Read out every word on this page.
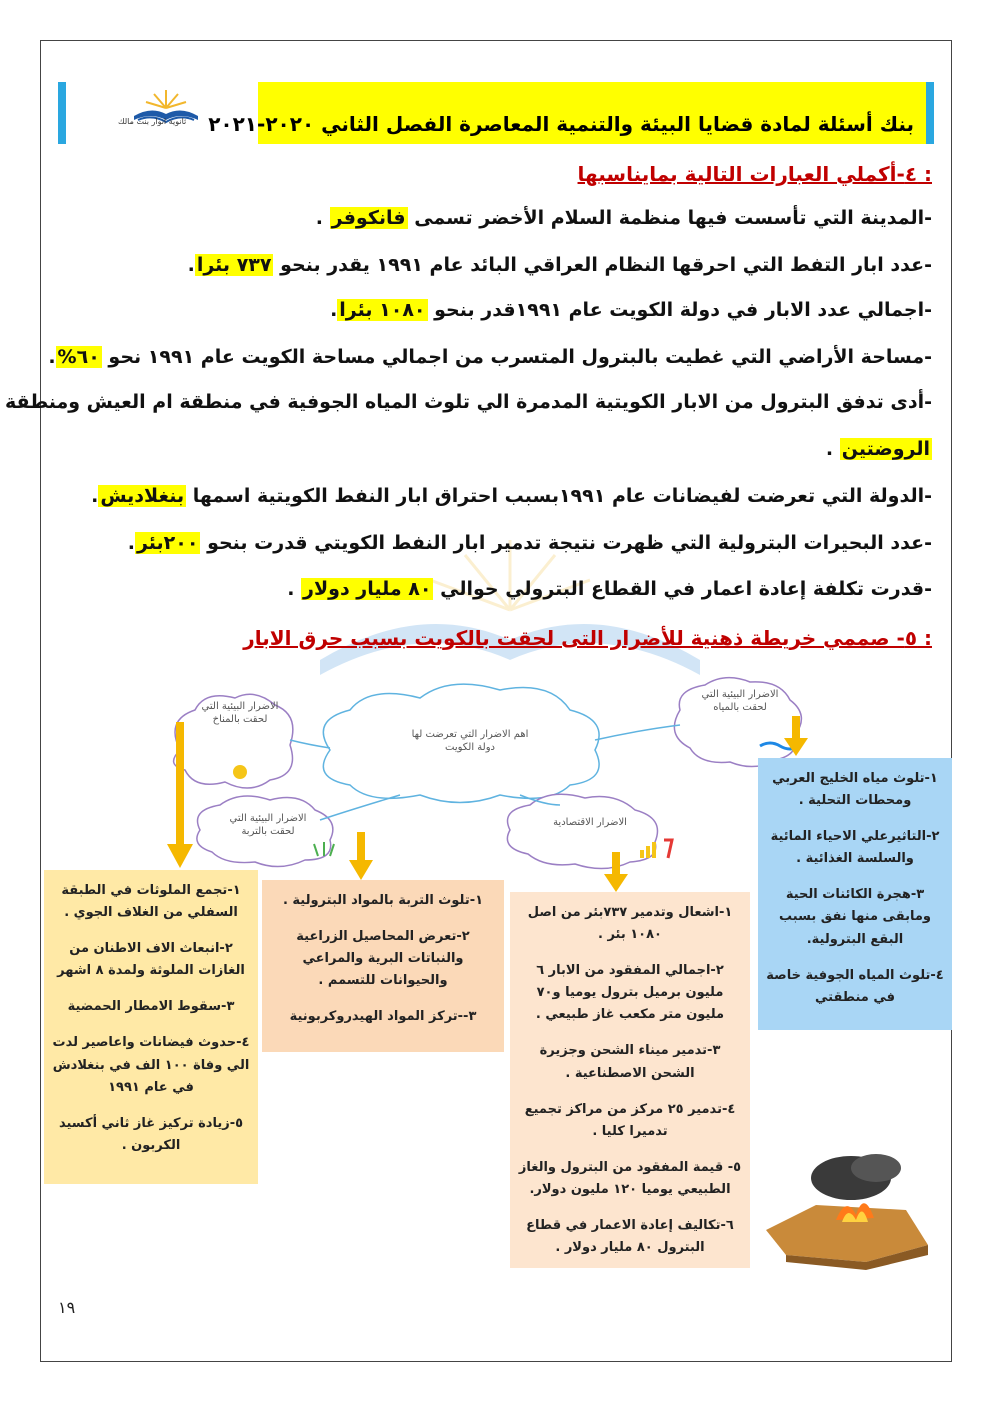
ثانوية انوار بنت مالك بنك أسئلة لمادة قضايا البيئة والتنمية المعاصرة الفصل الثاني ٢٠٢٠-٢٠٢١
٤-أكملي العبارات التالية بمايناسبها :
-المدينة التي تأسست فيها منظمة السلام الأخضر تسمى فانكوفر .
-عدد ابار التفط التي احرقها النظام العراقي البائد عام ١٩٩١ يقدر بنحو ٧٣٧ بئرا.
-اجمالي عدد الابار في دولة الكويت عام ١٩٩١قدر بنحو ١٠٨٠ بئرا.
-مساحة الأراضي التي غطيت بالبترول المتسرب من اجمالي مساحة الكويت عام ١٩٩١ نحو ٦٠%.
-أدى تدفق البترول من الابار الكويتية المدمرة الي تلوث المياه الجوفية في منطقة ام العيش ومنطقة
الروضتين .
-الدولة التي تعرضت لفيضانات عام ١٩٩١بسبب احتراق ابار النفط الكويتية اسمها بنغلاديش.
-عدد البحيرات البترولية التي ظهرت نتيجة تدمير ابار النفط الكويتي قدرت بنحو ٢٠٠بئر.
-قدرت تكلفة إعادة اعمار في القطاع البترولي حوالي ٨٠ مليار دولار .
٥- صممي خريطة ذهنية للأضرار التى لحقت بالكويت بسبب حرق الابار :
الاضرار البيئية التي لحقت بالمناخ
اهم الاضرار التي تعرضت لها دولة الكويت
الاضرار البيئية التي لحقت بالمياه
الاضرار البيئية التي لحقت بالتربة
الاضرار الاقتصادية

١-تجمع الملوثات في الطبقة السفلي من الغلاف الجوي .

٢-انبعاث الاف الاطنان من الغازات الملوثة ولمدة ٨ اشهر

٣-سقوط الامطار الحمضية

٤-حدوث فيضانات واعاصير لدت الي وفاة ١٠٠ الف في بنغلادش في عام ١٩٩١

٥-زيادة تركيز غاز ثاني أكسيد الكربون .

١-تلوث التربة بالمواد البترولية .

٢-تعرض المحاصيل الزراعية والنباتات البرية والمراعي والحيوانات للتسمم .

٣--تركز المواد الهيدروكربونية

١-اشعال وتدمير ٧٣٧بئر من اصل ١٠٨٠ بئر .

٢-اجمالي المفقود من الابار ٦ مليون برميل بترول يوميا و٧٠ مليون متر مكعب غاز طبيعي .

٣-تدمير ميناء الشحن وجزيرة الشحن الاصطناعية .

٤-تدمير ٢٥ مركز من مراكز تجميع تدميرا كليا .

٥- قيمة المفقود من البترول والغاز الطبيعي يوميا ١٢٠ مليون دولار.

٦-تكاليف إعادة الاعمار في قطاع البترول ٨٠ مليار دولار .

١-تلوث مياه الخليج العربي ومحطات التحلية .

٢-التاثيرعلي الاحياء المائية والسلسة الغذائية .

٣-هجرة الكائنات الحية ومابقى منها نفق بسبب البقع البترولية.

٤-تلوث المياه الجوفية خاصة في منطقتي

١٩
